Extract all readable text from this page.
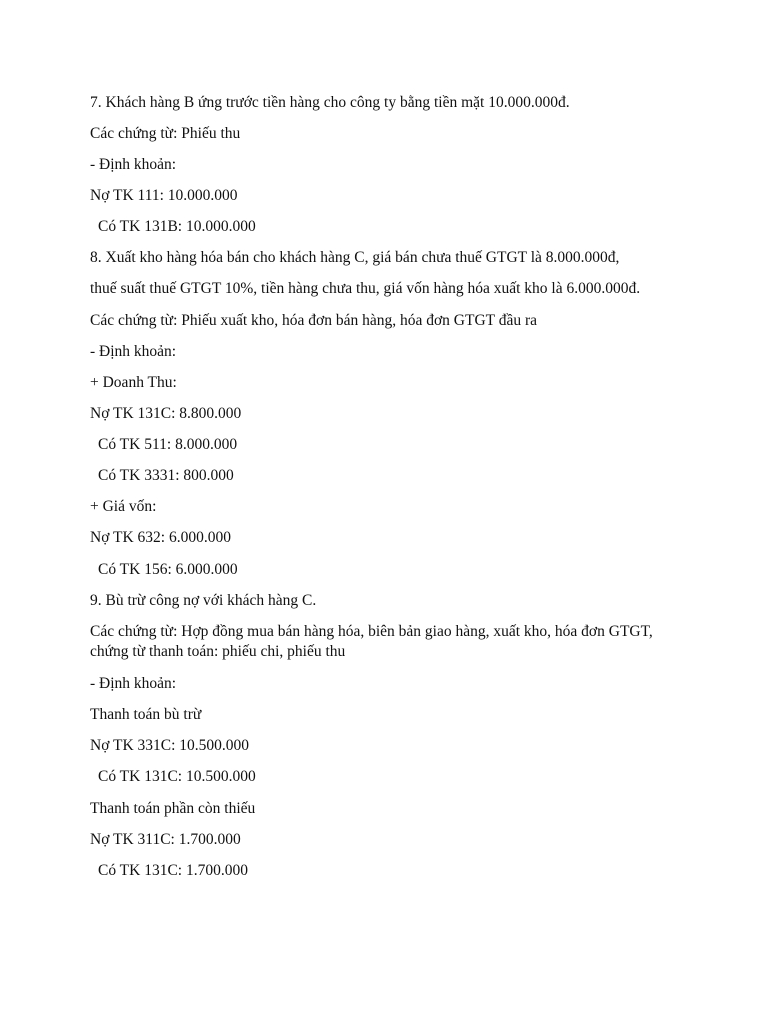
7. Khách hàng B ứng trước tiền hàng cho công ty bằng tiền mặt 10.000.000đ.
Các chứng từ: Phiếu thu
- Định khoản:
Nợ TK 111: 10.000.000
Có TK 131B: 10.000.000
8. Xuất kho hàng hóa bán cho khách hàng C, giá bán chưa thuế GTGT là 8.000.000đ,
thuế suất thuế GTGT 10%, tiền hàng chưa thu, giá vốn hàng hóa xuất kho là 6.000.000đ.
Các chứng từ: Phiếu xuất kho, hóa đơn bán hàng, hóa đơn GTGT đầu ra
- Định khoản:
+ Doanh Thu:
Nợ TK 131C: 8.800.000
Có TK 511: 8.000.000
Có TK 3331: 800.000
+ Giá vốn:
Nợ TK 632: 6.000.000
Có TK 156: 6.000.000
9. Bù trừ công nợ với khách hàng C.
Các chứng từ: Hợp đồng mua bán hàng hóa, biên bản giao hàng, xuất kho, hóa đơn GTGT, chứng từ thanh toán: phiếu chi, phiếu thu
- Định khoản:
Thanh toán bù trừ
Nợ TK 331C: 10.500.000
Có TK 131C: 10.500.000
Thanh toán phần còn thiếu
Nợ TK 311C: 1.700.000
Có TK 131C: 1.700.000
